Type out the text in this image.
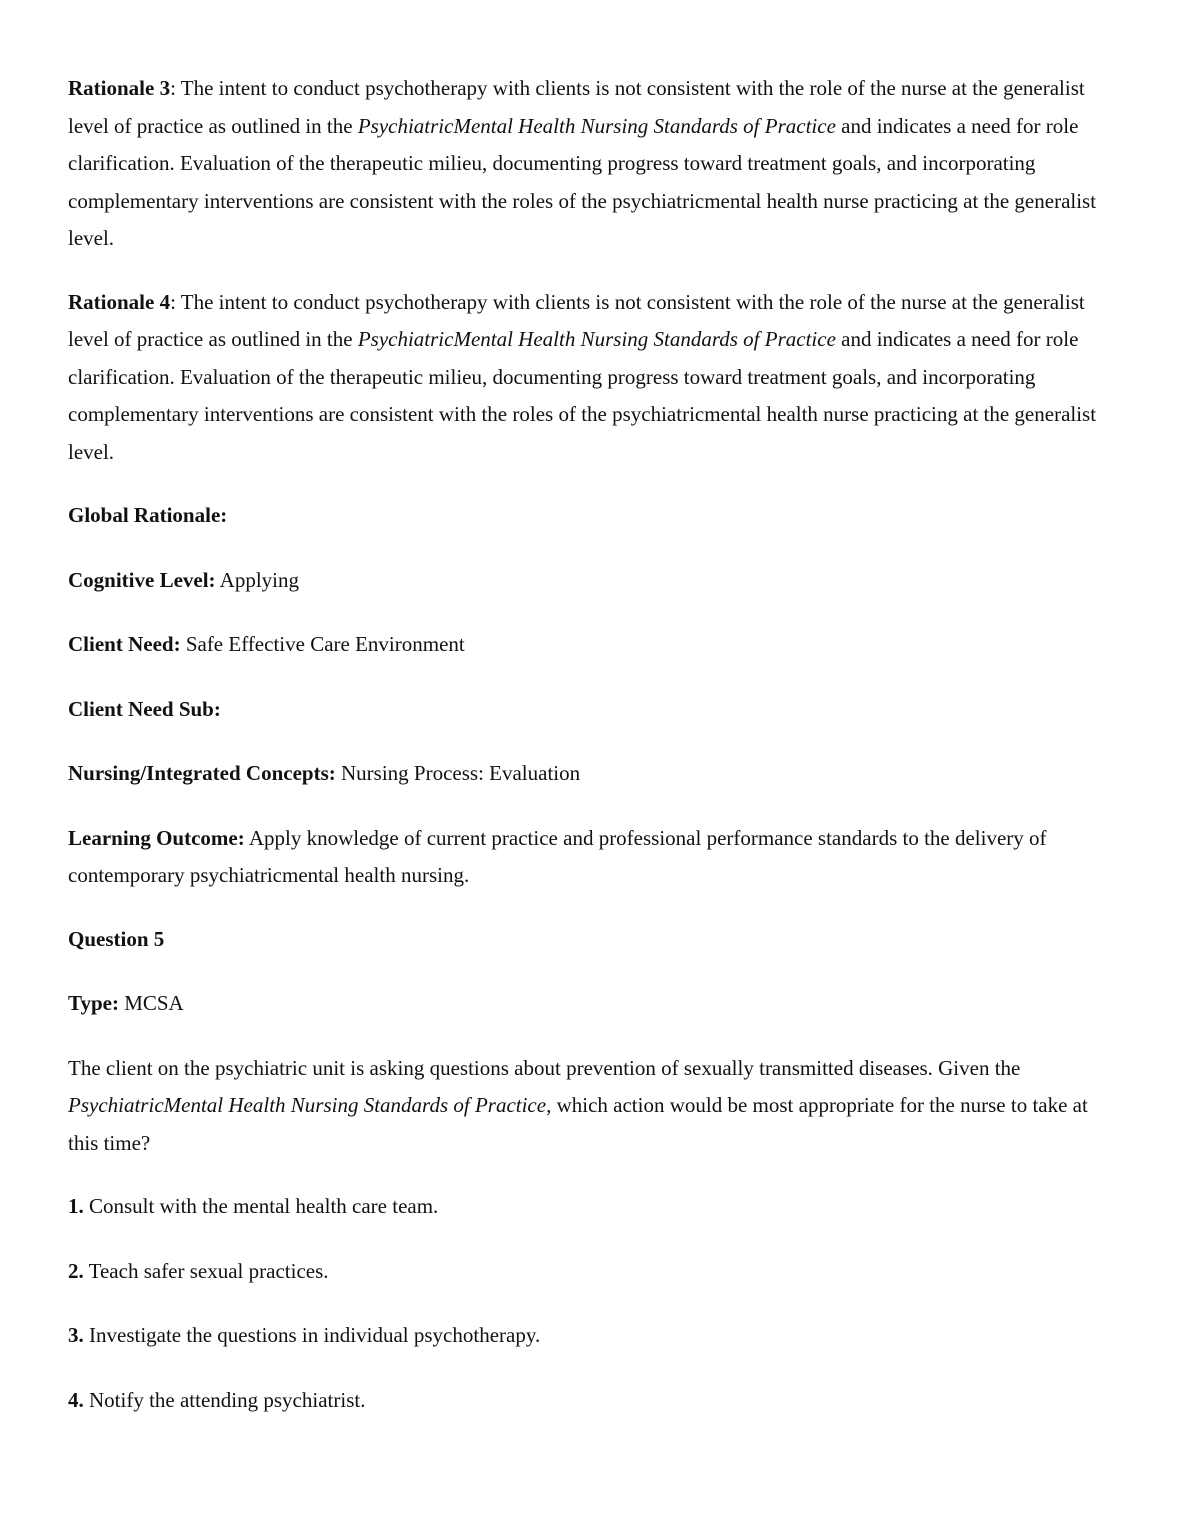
Rationale 3: The intent to conduct psychotherapy with clients is not consistent with the role of the nurse at the generalist level of practice as outlined in the PsychiatricMental Health Nursing Standards of Practice and indicates a need for role clarification. Evaluation of the therapeutic milieu, documenting progress toward treatment goals, and incorporating complementary interventions are consistent with the roles of the psychiatricmental health nurse practicing at the generalist level.

Rationale 4: The intent to conduct psychotherapy with clients is not consistent with the role of the nurse at the generalist level of practice as outlined in the PsychiatricMental Health Nursing Standards of Practice and indicates a need for role clarification. Evaluation of the therapeutic milieu, documenting progress toward treatment goals, and incorporating complementary interventions are consistent with the roles of the psychiatricmental health nurse practicing at the generalist level.

Global Rationale:

Cognitive Level: Applying

Client Need: Safe Effective Care Environment

Client Need Sub:

Nursing/Integrated Concepts: Nursing Process: Evaluation

Learning Outcome: Apply knowledge of current practice and professional performance standards to the delivery of contemporary psychiatricmental health nursing.

Question 5

Type: MCSA

The client on the psychiatric unit is asking questions about prevention of sexually transmitted diseases. Given the PsychiatricMental Health Nursing Standards of Practice, which action would be most appropriate for the nurse to take at this time?

1. Consult with the mental health care team.

2. Teach safer sexual practices.

3. Investigate the questions in individual psychotherapy.

4. Notify the attending psychiatrist.
